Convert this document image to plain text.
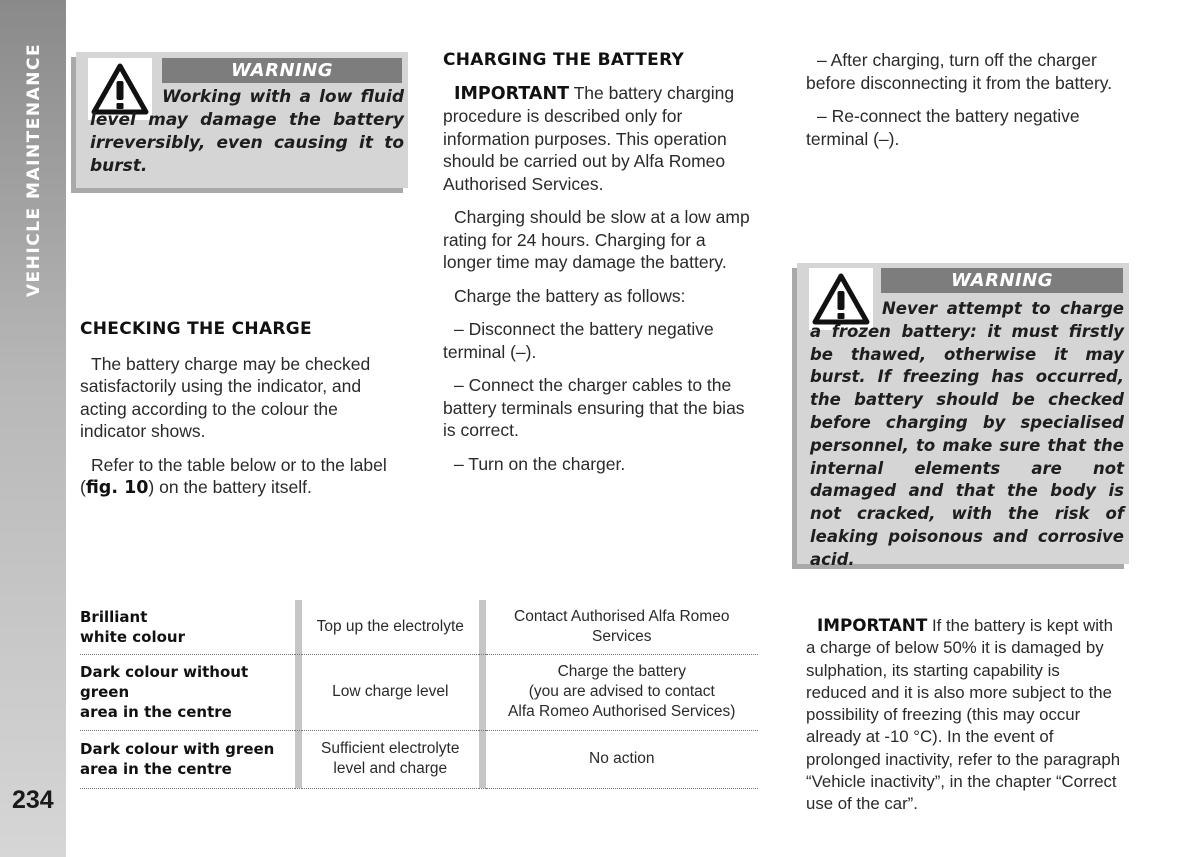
VEHICLE MAINTENANCE
234
WARNING
Working with a low fluid level may damage the battery irreversibly, even causing it to burst.
CHECKING THE CHARGE

The battery charge may be checked satisfactorily using the indicator, and acting according to the colour the indicator shows.

Refer to the table below or to the label (fig. 10) on the battery itself.

CHARGING THE BATTERY

IMPORTANT The battery charging procedure is described only for information purposes. This operation should be carried out by Alfa Romeo Authorised Services.

Charging should be slow at a low amp rating for 24 hours. Charging for a longer time may damage the battery.

Charge the battery as follows:

– Disconnect the battery negative terminal (–).

– Connect the charger cables to the battery terminals ensuring that the bias is correct.

– Turn on the charger.

– After charging, turn off the charger before disconnecting it from the battery.

– Re-connect the battery negative terminal (–).

WARNING
Never attempt to charge a frozen battery: it must firstly be thawed, otherwise it may burst. If freezing has occurred, the battery should be checked before charging by specialised personnel, to make sure that the internal elements are not damaged and that the body is not cracked, with the risk of leaking poisonous and corrosive acid.

IMPORTANT If the battery is kept with a charge of below 50% it is damaged by sulphation, its starting capability is reduced and it is also more subject to the possibility of freezing (this may occur already at -10 °C). In the event of prolonged inactivity, refer to the paragraph “Vehicle inactivity”, in the chapter “Correct use of the car”.

Brilliant
white colour		Top up the electrolyte		Contact Authorised Alfa Romeo
Services
Dark colour without green
area in the centre		Low charge level		Charge the battery
(you are advised to contact
Alfa Romeo Authorised Services)
Dark colour with green
area in the centre		Sufficient electrolyte
level and charge		No action
